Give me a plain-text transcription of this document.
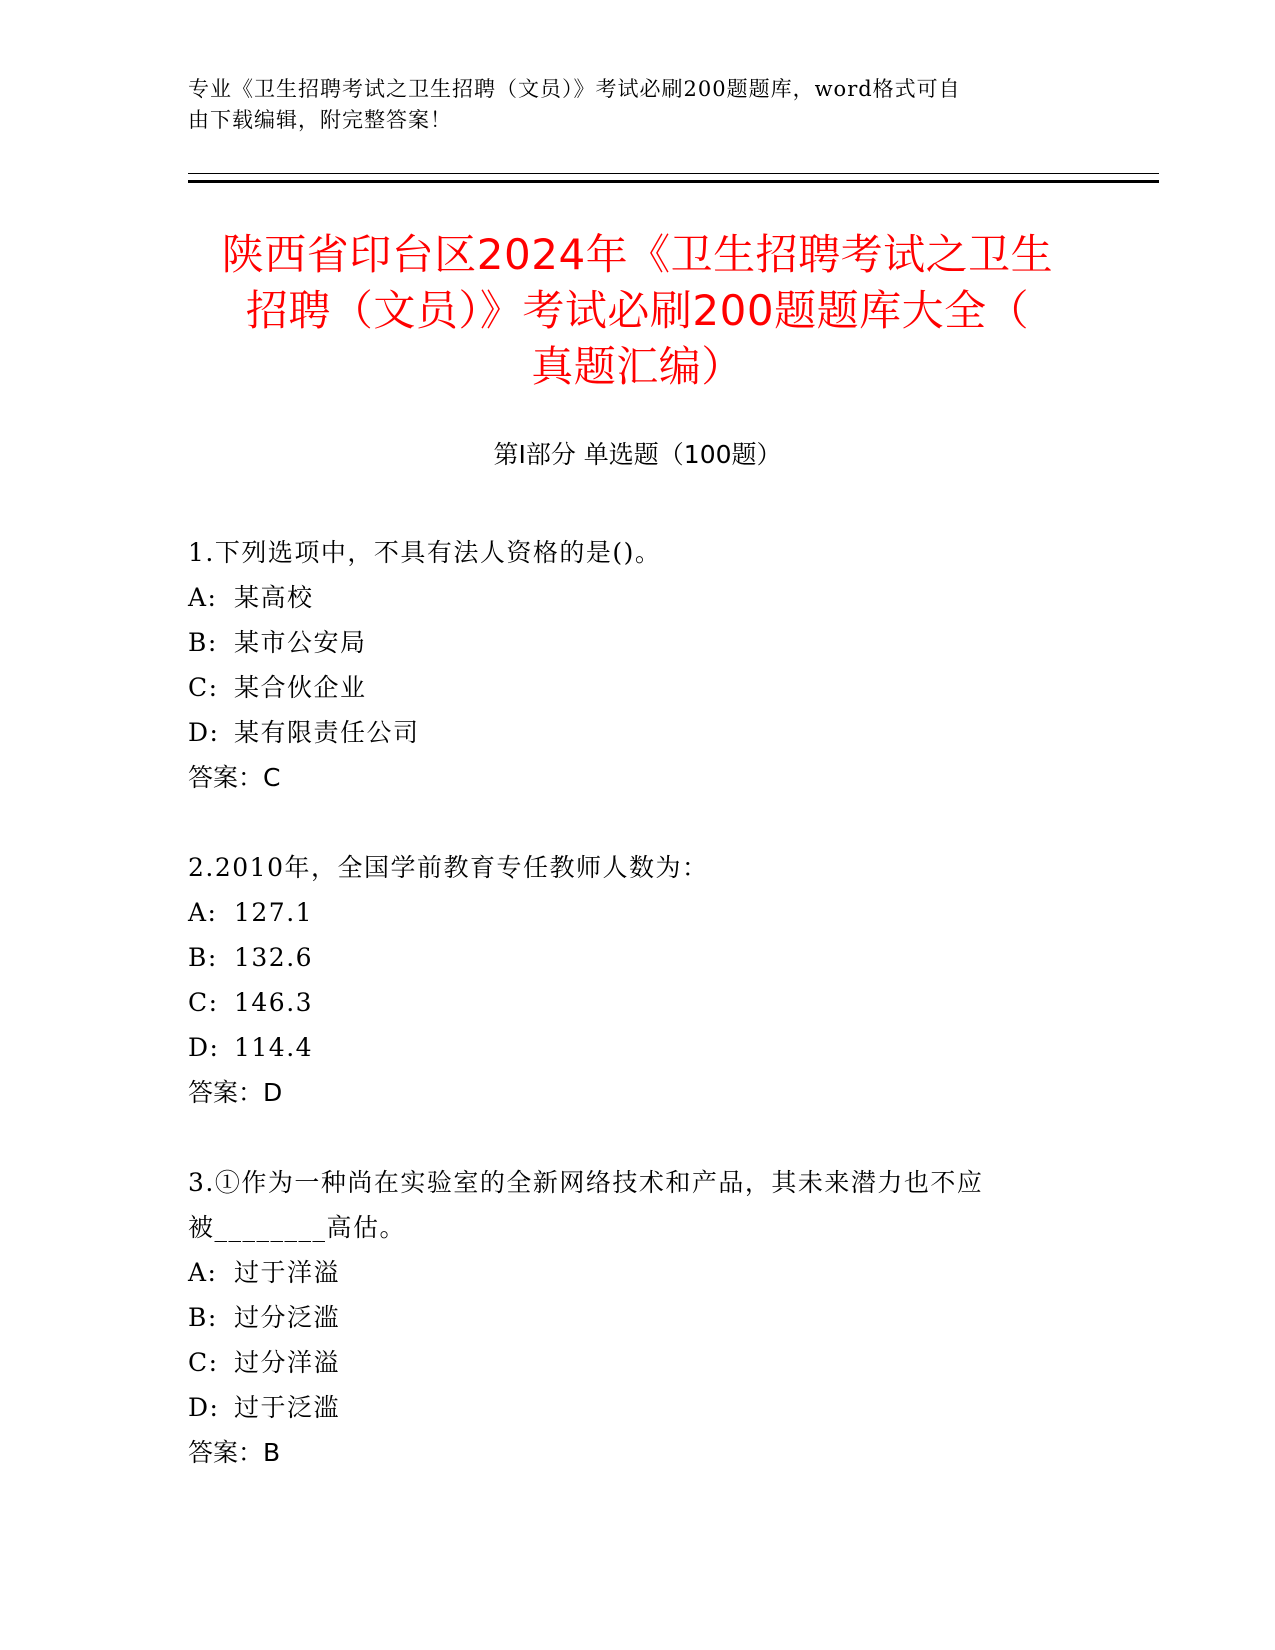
专业《卫生招聘考试之卫生招聘（文员）》考试必刷200题题库，word格式可自
由下载编辑，附完整答案！
陕西省印台区2024年《卫生招聘考试之卫生
招聘（文员）》考试必刷200题题库大全（
真题汇编）
第Ⅰ部分 单选题（100题）
1.下列选项中，不具有法人资格的是()。
A: 某高校
B: 某市公安局
C: 某合伙企业
D: 某有限责任公司
答案：C
2.2010年，全国学前教育专任教师人数为：
A: 127.1
B: 132.6
C: 146.3
D: 114.4
答案：D
3.①作为一种尚在实验室的全新网络技术和产品，其未来潜力也不应
被________高估。
A: 过于洋溢
B: 过分泛滥
C: 过分洋溢
D: 过于泛滥
答案：B
